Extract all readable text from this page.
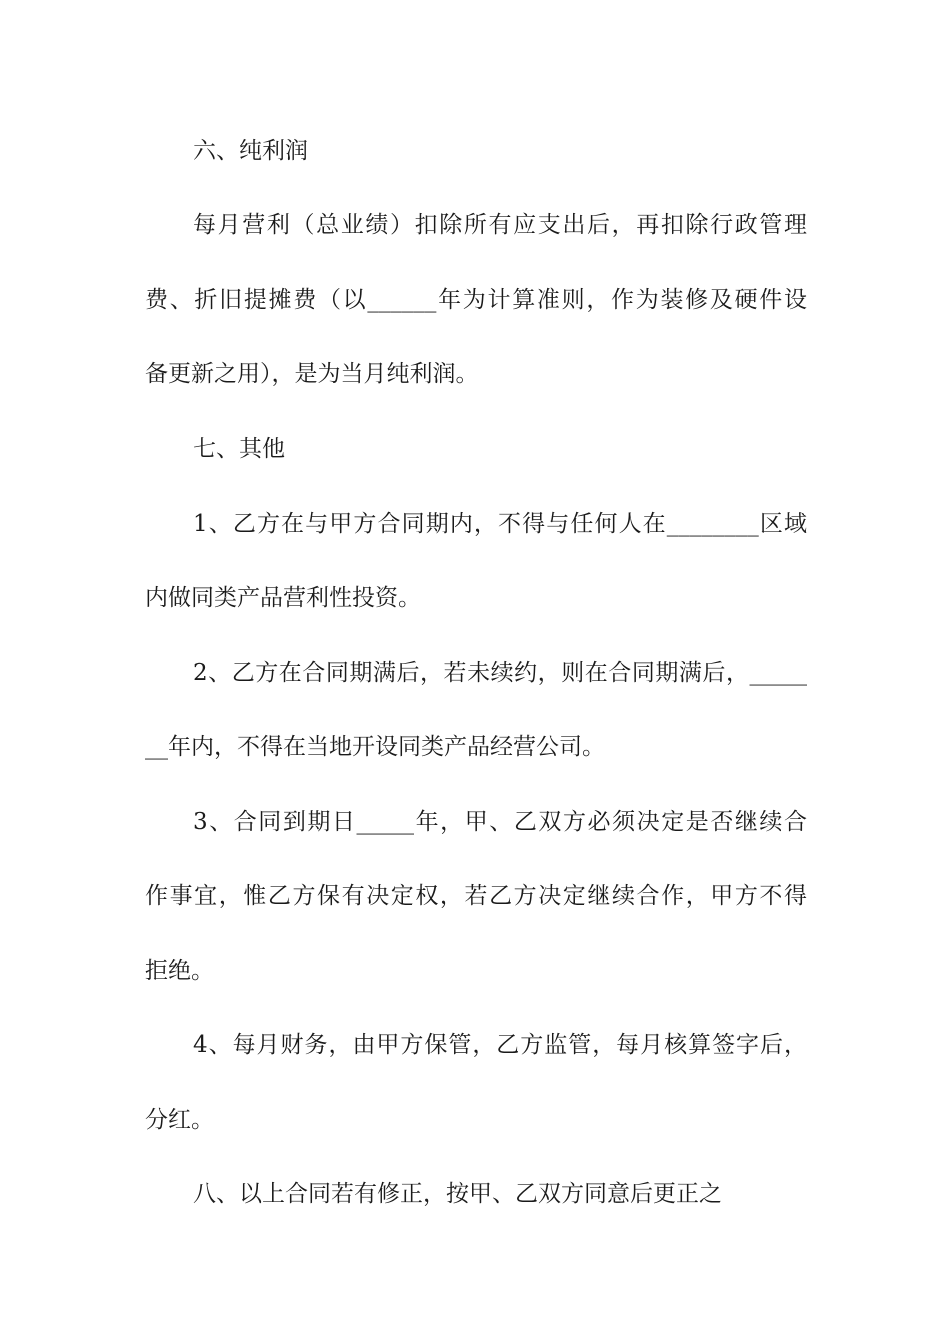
六、纯利润
每月营利（总业绩）扣除所有应支出后，再扣除行政管理
费、折旧提摊费（以______年为计算准则，作为装修及硬件设
备更新之用），是为当月纯利润。
七、其他
1、乙方在与甲方合同期内，不得与任何人在________区域
内做同类产品营利性投资。
2、乙方在合同期满后，若未续约，则在合同期满后，_____
__年内，不得在当地开设同类产品经营公司。
3、合同到期日_____年，甲、乙双方必须决定是否继续合
作事宜，惟乙方保有决定权，若乙方决定继续合作，甲方不得
拒绝。
4、每月财务，由甲方保管，乙方监管，每月核算签字后，
分红。
八、以上合同若有修正，按甲、乙双方同意后更正之
